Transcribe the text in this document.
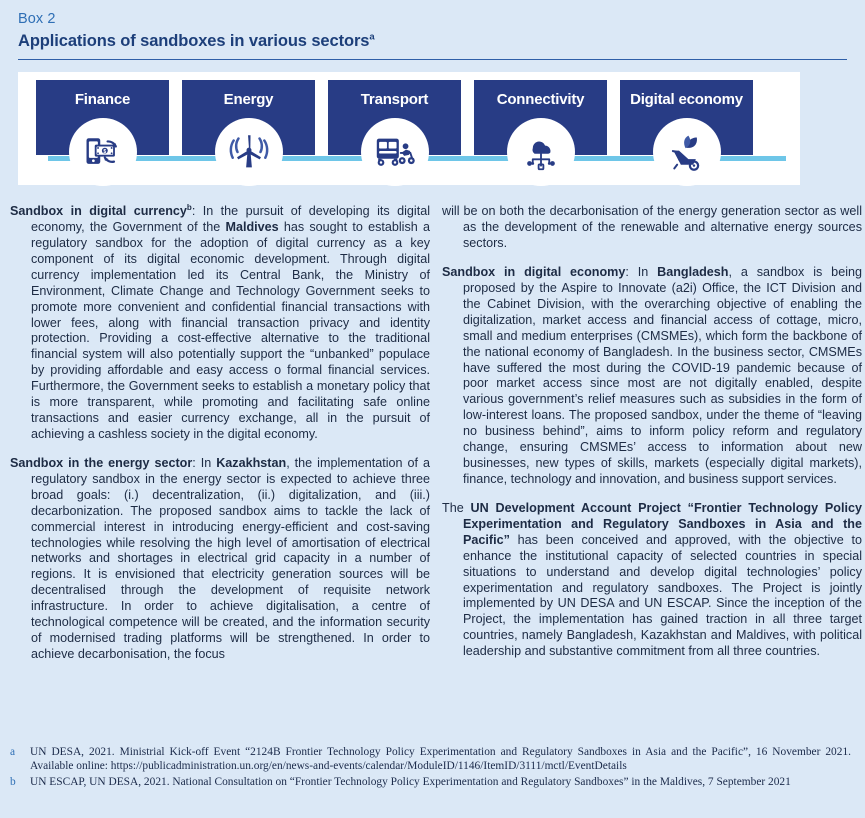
Box 2
Applications of sandboxes in various sectors$^a$
Finance
$
Energy	Transport	Connectivity	Digital economy

Sandbox in digital currency$^b$: In the pursuit of developing its digital economy, the Government of the Maldives has sought to establish a regulatory sandbox for the adoption of digital currency as a key component of its digital economic development. Through digital currency implementation led its Central Bank, the Ministry of Environment, Climate Change and Technology Government seeks to promote more convenient and confidential financial transactions with lower fees, along with financial transaction privacy and identity protection. Providing a cost-effective alternative to the traditional financial system will also potentially support the “unbanked” populace by providing affordable and easy access o formal financial services. Furthermore, the Government seeks to establish a monetary policy that is more transparent, while promoting and facilitating safe online transactions and easier currency exchange, all in the pursuit of achieving a cashless society in the digital economy.

Sandbox in the energy sector: In Kazakhstan, the implementation of a regulatory sandbox in the energy sector is expected to achieve three broad goals: (i.) decentralization, (ii.) digitalization, and (iii.) decarbonization. The proposed sandbox aims to tackle the lack of commercial interest in introducing energy-efficient and cost-saving technologies while resolving the high level of amortisation of electrical networks and shortages in electrical grid capacity in a number of regions. It is envisioned that electricity generation sources will be decentralised through the development of requisite network infrastructure. In order to achieve digitalisation, a centre of technological competence will be created, and the information security of modernised trading platforms will be strengthened. In order to achieve decarbonisation, the focus

will be on both the decarbonisation of the energy generation sector as well as the development of the renewable and alternative energy sources sectors.

Sandbox in digital economy: In Bangladesh, a sandbox is being proposed by the Aspire to Innovate (a2i) Office, the ICT Division and the Cabinet Division, with the overarching objective of enabling the digitalization, market access and financial access of cottage, micro, small and medium enterprises (CMSMEs), which form the backbone of the national economy of Bangladesh. In the business sector, CMSMEs have suffered the most during the COVID-19 pandemic because of poor market access since most are not digitally enabled, despite various government’s relief measures such as subsidies in the form of low-interest loans. The proposed sandbox, under the theme of “leaving no business behind”, aims to inform policy reform and regulatory change, ensuring CMSMEs’ access to information about new businesses, new types of skills, markets (especially digital markets), finance, technology and innovation, and business support services.

The UN Development Account Project “Frontier Technology Policy Experimentation and Regulatory Sandboxes in Asia and the Pacific” has been conceived and approved, with the objective to enhance the institutional capacity of selected countries in special situations to understand and develop digital technologies’ policy experimentation and regulatory sandboxes. The Project is jointly implemented by UN DESA and UN ESCAP. Since the inception of the Project, the implementation has gained traction in all three target countries, namely Bangladesh, Kazakhstan and Maldives, with political leadership and substantive commitment from all three countries.

a	UN DESA, 2021. Ministrial Kick-off Event “2124B Frontier Technology Policy Experimentation and Regulatory Sandboxes in Asia and the Pacific”, 16 November 2021. Available online: https://publicadministration.un.org/en/news-and-events/calendar/ModuleID/1146/ItemID/3111/mctl/EventDetails
b	UN ESCAP, UN DESA, 2021. National Consultation on “Frontier Technology Policy Experimentation and Regulatory Sandboxes” in the Maldives, 7 September 2021
